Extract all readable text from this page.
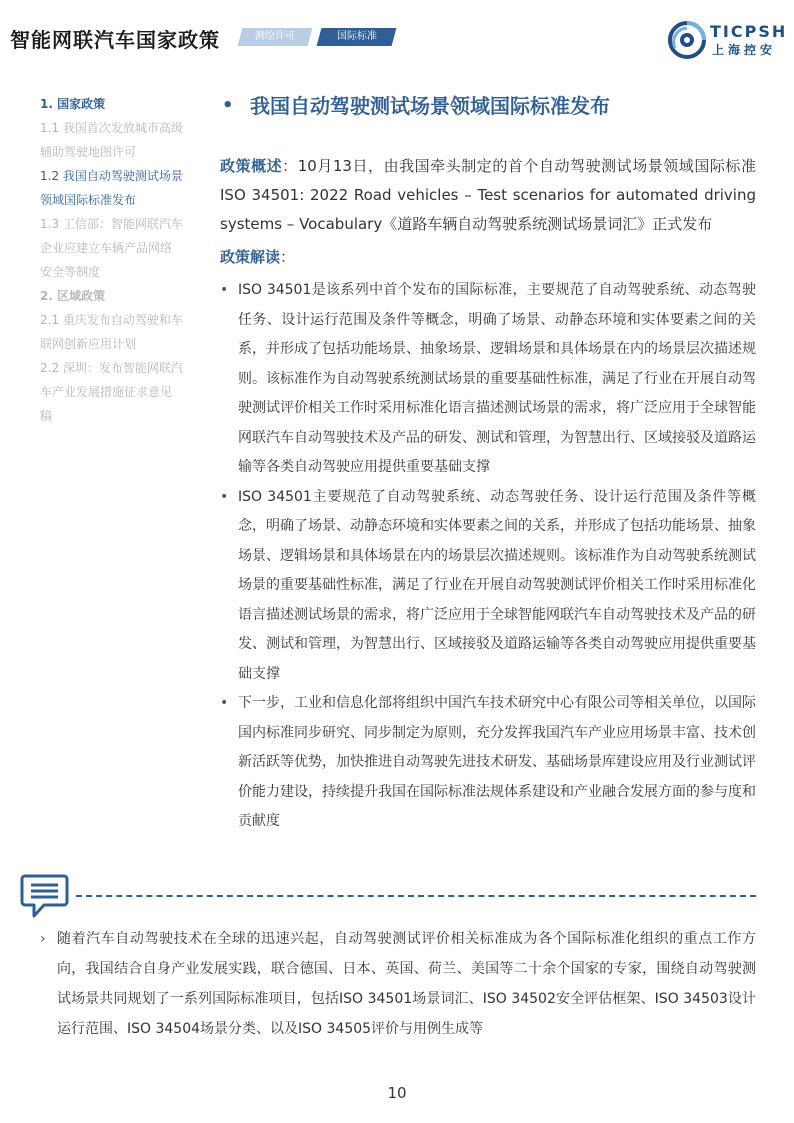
智能网联汽车国家政策	测绘许可	国际标准	TICPSH
上海控安
1. 国家政策
1.1 我国首次发放城市高级
辅助驾驶地图许可
1.2 我国自动驾驶测试场景
领域国际标准发布
1.3 工信部：智能网联汽车
企业应建立车辆产品网络
安全等制度
2. 区域政策
2.1 重庆发布自动驾驶和车
联网创新应用计划
2.2 深圳：发布智能网联汽
车产业发展措施征求意见
稿
• 我国自动驾驶测试场景领域国际标准发布
政策概述：10月13日，由我国牵头制定的首个自动驾驶测试场景领域国际标准ISO 34501: 2022 Road vehicles – Test scenarios for automated driving systems – Vocabulary《道路车辆自动驾驶系统测试场景词汇》正式发布
政策解读：
• ISO 34501是该系列中首个发布的国际标准，主要规范了自动驾驶系统、动态驾驶任务、设计运行范围及条件等概念，明确了场景、动静态环境和实体要素之间的关系，并形成了包括功能场景、抽象场景、逻辑场景和具体场景在内的场景层次描述规则。该标准作为自动驾驶系统测试场景的重要基础性标准，满足了行业在开展自动驾驶测试评价相关工作时采用标准化语言描述测试场景的需求，将广泛应用于全球智能网联汽车自动驾驶技术及产品的研发、测试和管理，为智慧出行、区域接驳及道路运输等各类自动驾驶应用提供重要基础支撑
• ISO 34501主要规范了自动驾驶系统、动态驾驶任务、设计运行范围及条件等概念，明确了场景、动静态环境和实体要素之间的关系，并形成了包括功能场景、抽象场景、逻辑场景和具体场景在内的场景层次描述规则。该标准作为自动驾驶系统测试场景的重要基础性标准，满足了行业在开展自动驾驶测试评价相关工作时采用标准化语言描述测试场景的需求，将广泛应用于全球智能网联汽车自动驾驶技术及产品的研发、测试和管理，为智慧出行、区域接驳及道路运输等各类自动驾驶应用提供重要基础支撑
• 下一步，工业和信息化部将组织中国汽车技术研究中心有限公司等相关单位，以国际国内标准同步研究、同步制定为原则，充分发挥我国汽车产业应用场景丰富、技术创新活跃等优势，加快推进自动驾驶先进技术研发、基础场景库建设应用及行业测试评价能力建设，持续提升我国在国际标准法规体系建设和产业融合发展方面的参与度和贡献度
› 随着汽车自动驾驶技术在全球的迅速兴起，自动驾驶测试评价相关标准成为各个国际标准化组织的重点工作方向，我国结合自身产业发展实践，联合德国、日本、英国、荷兰、美国等二十余个国家的专家，围绕自动驾驶测试场景共同规划了一系列国际标准项目，包括ISO 34501场景词汇、ISO 34502安全评估框架、ISO 34503设计运行范围、ISO 34504场景分类、以及ISO 34505评价与用例生成等
10
